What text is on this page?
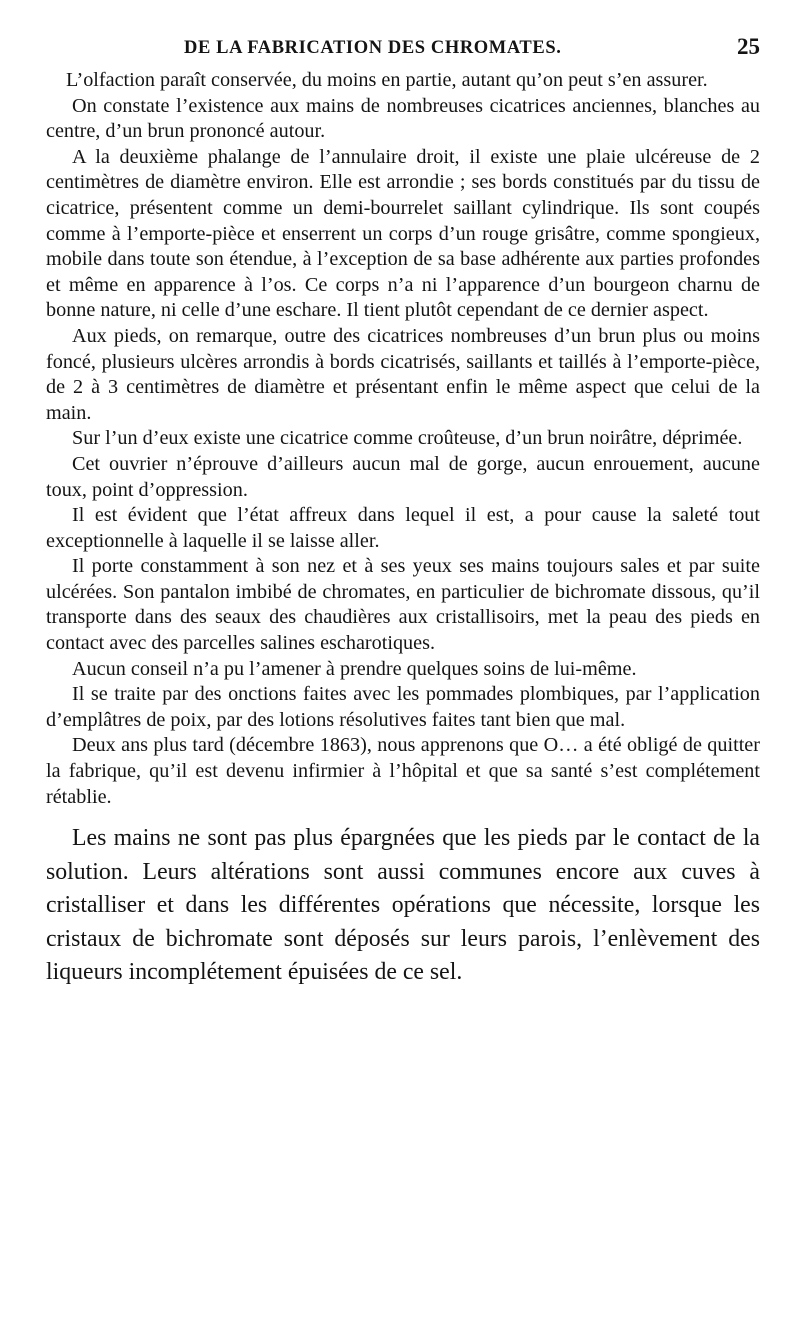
DE LA FABRICATION DES CHROMATES.	25

L’olfaction paraît conservée, du moins en partie, autant qu’on peut s’en assurer.

On constate l’existence aux mains de nombreuses cicatrices anciennes, blanches au centre, d’un brun prononcé autour.

A la deuxième phalange de l’annulaire droit, il existe une plaie ulcéreuse de 2 centimètres de diamètre environ. Elle est arrondie ; ses bords constitués par du tissu de cicatrice, présentent comme un demi-bourrelet saillant cylindrique. Ils sont coupés comme à l’emporte-pièce et enserrent un corps d’un rouge grisâtre, comme spongieux, mobile dans toute son étendue, à l’exception de sa base adhérente aux parties profondes et même en apparence à l’os. Ce corps n’a ni l’apparence d’un bourgeon charnu de bonne nature, ni celle d’une eschare. Il tient plutôt cependant de ce dernier aspect.

Aux pieds, on remarque, outre des cicatrices nombreuses d’un brun plus ou moins foncé, plusieurs ulcères arrondis à bords cicatrisés, saillants et taillés à l’emporte-pièce, de 2 à 3 centimètres de diamètre et présentant enfin le même aspect que celui de la main.

Sur l’un d’eux existe une cicatrice comme croûteuse, d’un brun noirâtre, déprimée.

Cet ouvrier n’éprouve d’ailleurs aucun mal de gorge, aucun enrouement, aucune toux, point d’oppression.

Il est évident que l’état affreux dans lequel il est, a pour cause la saleté tout exceptionnelle à laquelle il se laisse aller.

Il porte constamment à son nez et à ses yeux ses mains toujours sales et par suite ulcérées. Son pantalon imbibé de chromates, en particulier de bichromate dissous, qu’il transporte dans des seaux des chaudières aux cristallisoirs, met la peau des pieds en contact avec des parcelles salines escharotiques.

Aucun conseil n’a pu l’amener à prendre quelques soins de lui-même.

Il se traite par des onctions faites avec les pommades plombiques, par l’application d’emplâtres de poix, par des lotions résolutives faites tant bien que mal.

Deux ans plus tard (décembre 1863), nous apprenons que O… a été obligé de quitter la fabrique, qu’il est devenu infirmier à l’hôpital et que sa santé s’est complétement rétablie.

Les mains ne sont pas plus épargnées que les pieds par le contact de la solution. Leurs altérations sont aussi communes encore aux cuves à cristalliser et dans les différentes opérations que nécessite, lorsque les cristaux de bichromate sont déposés sur leurs parois, l’enlèvement des liqueurs incomplétement épuisées de ce sel.
